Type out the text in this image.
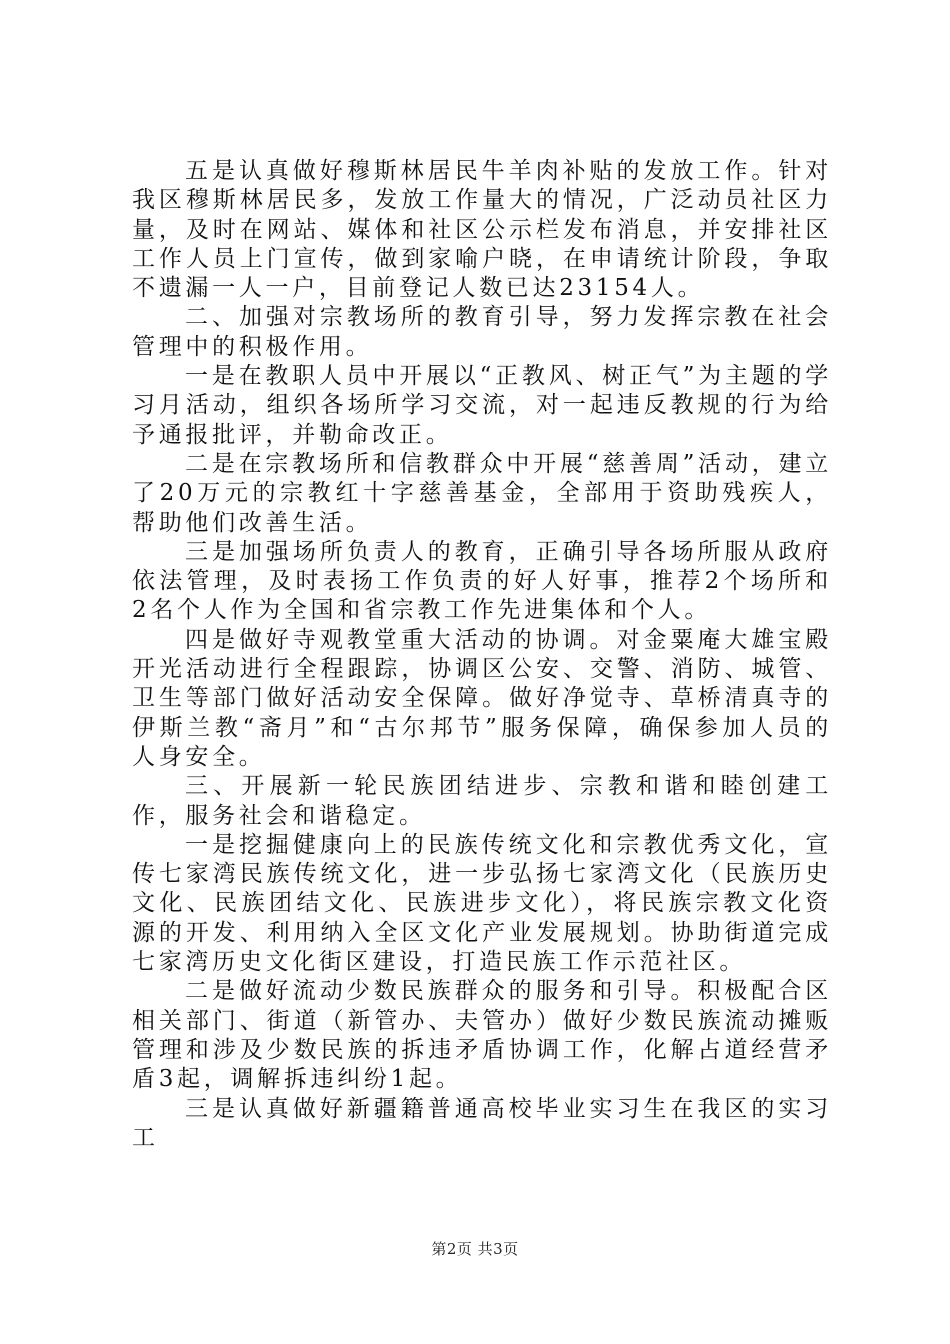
五是认真做好穆斯林居民牛羊肉补贴的发放工作。针对我区穆斯林居民多，发放工作量大的情况，广泛动员社区力量，及时在网站、媒体和社区公示栏发布消息，并安排社区工作人员上门宣传，做到家喻户晓，在申请统计阶段，争取不遗漏一人一户，目前登记人数已达23154人。

二、加强对宗教场所的教育引导，努力发挥宗教在社会管理中的积极作用。

一是在教职人员中开展以“正教风、树正气”为主题的学习月活动，组织各场所学习交流，对一起违反教规的行为给予通报批评，并勒命改正。

二是在宗教场所和信教群众中开展“慈善周”活动，建立了20万元的宗教红十字慈善基金，全部用于资助残疾人，帮助他们改善生活。

三是加强场所负责人的教育，正确引导各场所服从政府依法管理，及时表扬工作负责的好人好事，推荐2个场所和2名个人作为全国和省宗教工作先进集体和个人。

四是做好寺观教堂重大活动的协调。对金粟庵大雄宝殿开光活动进行全程跟踪，协调区公安、交警、消防、城管、卫生等部门做好活动安全保障。做好净觉寺、草桥清真寺的伊斯兰教“斋月”和“古尔邦节”服务保障，确保参加人员的人身安全。

三、开展新一轮民族团结进步、宗教和谐和睦创建工作，服务社会和谐稳定。

一是挖掘健康向上的民族传统文化和宗教优秀文化，宣传七家湾民族传统文化，进一步弘扬七家湾文化（民族历史文化、民族团结文化、民族进步文化），将民族宗教文化资源的开发、利用纳入全区文化产业发展规划。协助街道完成七家湾历史文化街区建设，打造民族工作示范社区。

二是做好流动少数民族群众的服务和引导。积极配合区相关部门、街道（新管办、夫管办）做好少数民族流动摊贩管理和涉及少数民族的拆违矛盾协调工作，化解占道经营矛盾3起，调解拆违纠纷1起。

三是认真做好新疆籍普通高校毕业实习生在我区的实习工

第2页 共3页
